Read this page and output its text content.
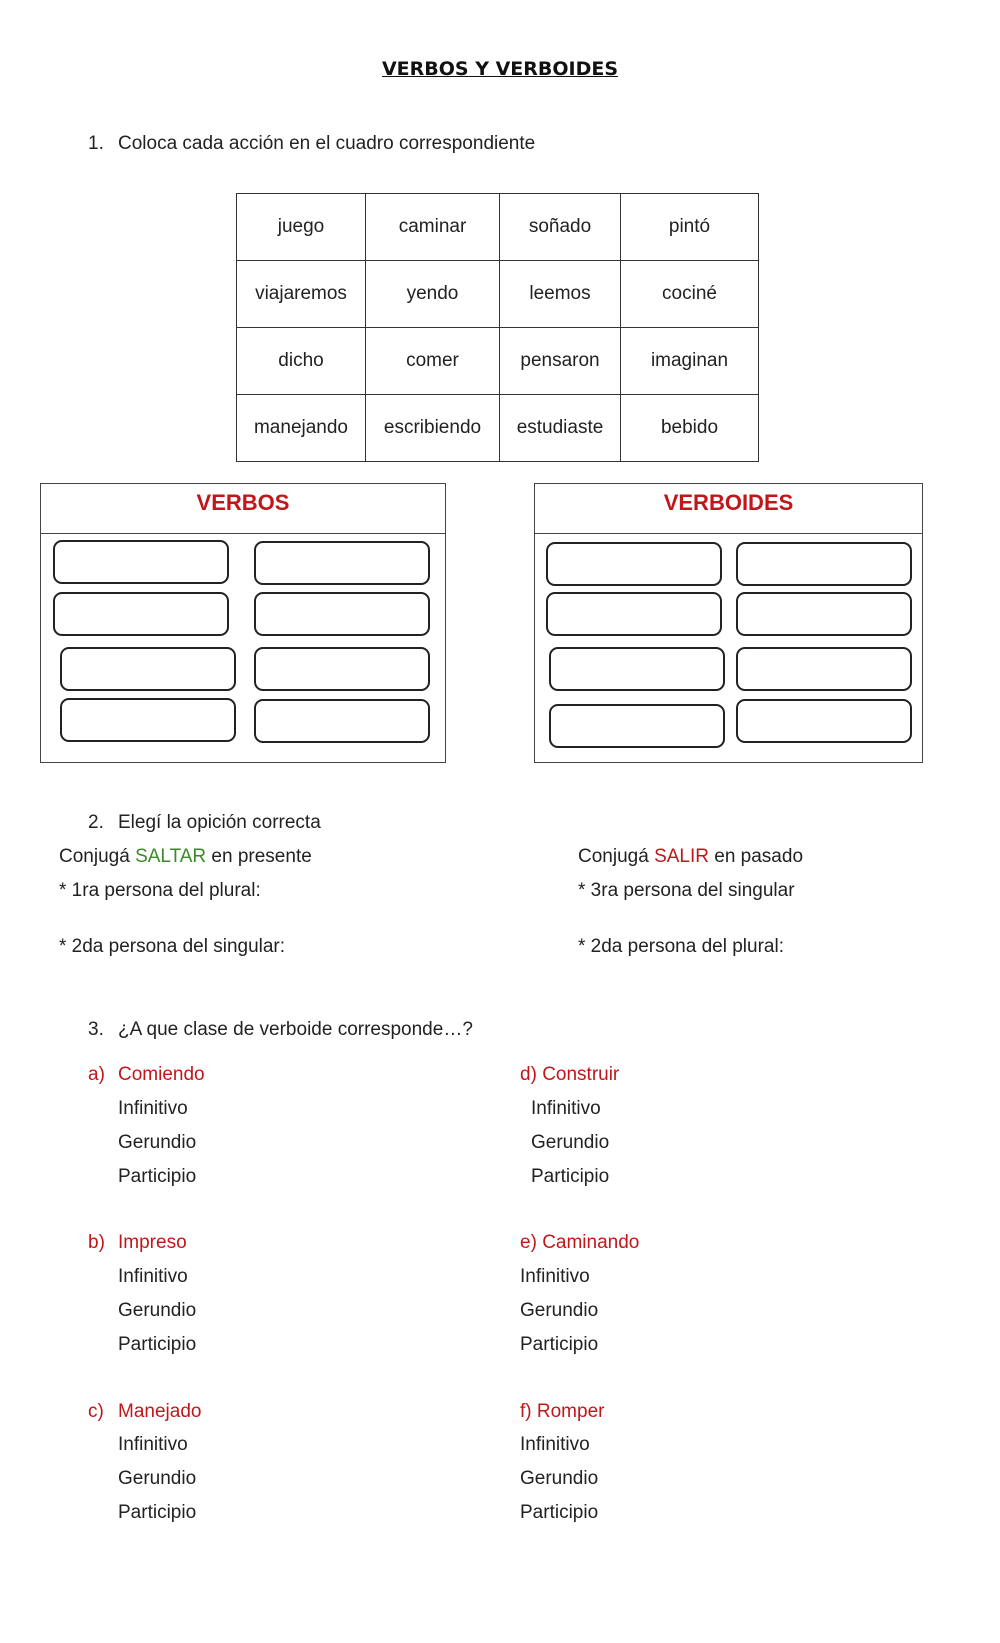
VERBOS Y VERBOIDES
1. Coloca cada acción en el cuadro correspondiente
juego	caminar	soñado	pintó
viajaremos	yendo	leemos	cociné
dicho	comer	pensaron	imaginan
manejando	escribiendo	estudiaste	bebido
VERBOS	VERBOIDES
2. Elegí la opición correcta
Conjugá SALTAR en presente
* 1ra persona del plural:
* 2da persona del singular:
Conjugá SALIR en pasado
* 3ra persona del singular
* 2da persona del plural:
3. ¿A que clase de verboide corresponde…?
a) Comiendo
Infinitivo
Gerundio
Participio
b) Impreso
Infinitivo
Gerundio
Participio
c) Manejado
Infinitivo
Gerundio
Participio
d) Construir
Infinitivo
Gerundio
Participio
e) Caminando
Infinitivo
Gerundio
Participio
f) Romper
Infinitivo
Gerundio
Participio
